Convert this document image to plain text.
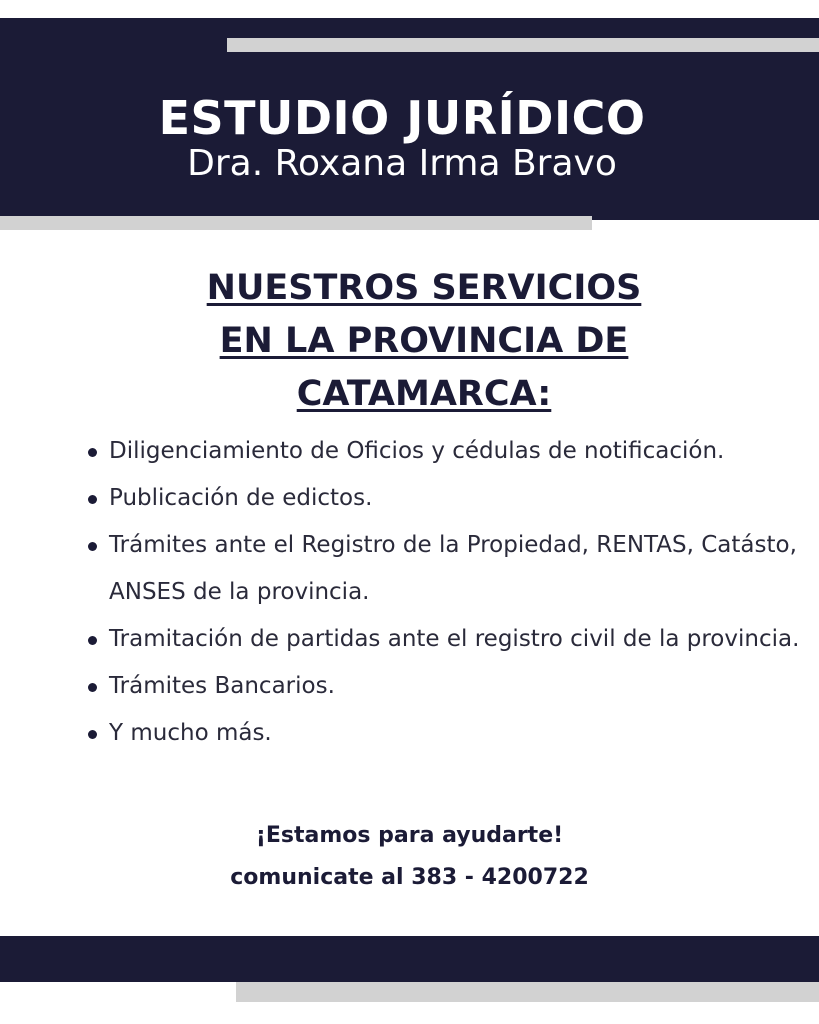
ESTUDIO JURÍDICO
Dra. Roxana Irma Bravo
NUESTROS SERVICIOS
EN LA PROVINCIA DE
CATAMARCA:
Diligenciamiento de Oficios y cédulas de notificación.
Publicación de edictos.
Trámites ante el Registro de la Propiedad, RENTAS, Catásto, ANSES de la provincia.
Tramitación de partidas ante el registro civil de la provincia.
Trámites Bancarios.
Y mucho más.
¡Estamos para ayudarte!
comunicate al 383 - 4200722
